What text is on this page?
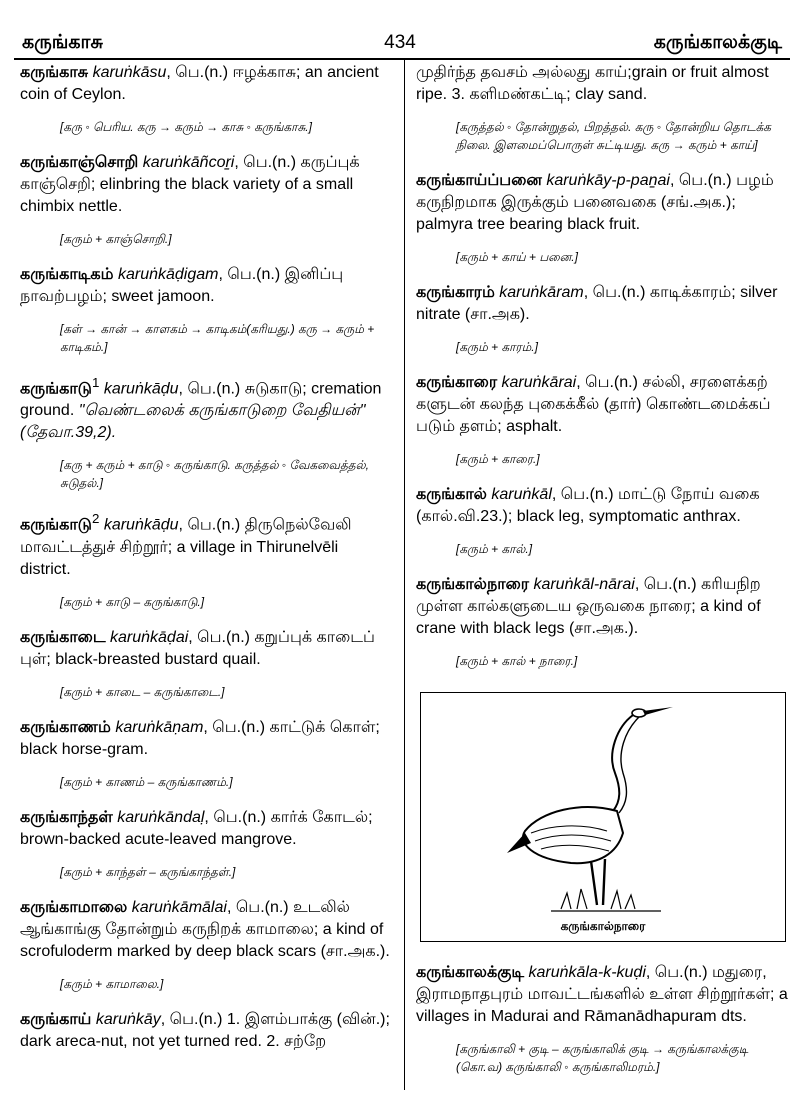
கருங்காசு	434	கருங்காலக்குடி
கருங்காசு karuṅkāsu, பெ.(n.) ஈழக்காசு; an ancient coin of Ceylon.
[கரு ◦ பெரிய. கரு → கரும் → காசு ◦ கருங்காசு.]
கருங்காஞ்சொறி karuṅkāñcoṟi, பெ.(n.) கருப்புக் காஞ்செறி; elinbring the black variety of a small chimbix nettle.
[கரும் + காஞ்சொறி.]
கருங்காடிகம் karuṅkāḍigam, பெ.(n.) இனிப்பு நாவற்பழம்; sweet jamoon.
[கள் → கான் → காளகம் → காடிகம்(கரியது.) கரு → கரும் + காடிகம்.]
கருங்காடு$^1$ karuṅkāḍu, பெ.(n.) சுடுகாடு; cremation ground. "வெண்டலைக் கருங்காடுறை வேதியன்" (தேவா.39,2).
[கரு + கரும் + காடு ◦ கருங்காடு. கருத்தல் ◦ வேகவைத்தல், சுடுதல்.]
கருங்காடு$^2$ karuṅkāḍu, பெ.(n.) திருநெல்வேலி மாவட்டத்துச் சிற்றூர்; a village in Thirunelvēli district.
[கரும் + காடு – கருங்காடு.]
கருங்காடை karuṅkāḍai, பெ.(n.) கறுப்புக் காடைப் புள்; black-breasted bustard quail.
[கரும் + காடை – கருங்காடை.]
கருங்காணம் karuṅkāṇam, பெ.(n.) காட்டுக் கொள்; black horse-gram.
[கரும் + காணம் – கருங்காணம்.]
கருங்காந்தள் karuṅkāndaḷ, பெ.(n.) கார்க் கோடல்; brown-backed acute-leaved mangrove.
[கரும் + காந்தள் – கருங்காந்தள்.]
கருங்காமாலை karuṅkāmālai, பெ.(n.) உடலில் ஆங்காங்கு தோன்றும் கருநிறக் காமாலை; a kind of scrofuloderm marked by deep black scars (சா.அக.).
[கரும் + காமாலை.]
கருங்காய் karuṅkāy, பெ.(n.) 1. இளம்பாக்கு (வின்.); dark areca-nut, not yet turned red. 2. சற்றே
முதிர்ந்த தவசம் அல்லது காய்;grain or fruit almost ripe. 3. களிமண்கட்டி; clay sand.
[கருத்தல் ◦ தோன்றுதல், பிறத்தல். கரு ◦ தோன்றிய தொடக்க நிலை. இளமைப்பொருள் சுட்டியது. கரு → கரும் + காய்]
கருங்காய்ப்பனை karuṅkāy-p-paṉai, பெ.(n.) பழம் கருநிறமாக இருக்கும் பனைவகை (சங்.அக.); palmyra tree bearing black fruit.
[கரும் + காய் + பனை.]
கருங்காரம் karuṅkāram, பெ.(n.) காடிக்காரம்; silver nitrate (சா.அக).
[கரும் + காரம்.]
கருங்காரை karuṅkārai, பெ.(n.) சல்லி, சரளைக்கற் களுடன் கலந்த புகைக்கீல் (தார்) கொண்டமைக்கப் படும் தளம்; asphalt.
[கரும் + காரை.]
கருங்கால் karuṅkāl, பெ.(n.) மாட்டு நோய் வகை (கால்.வி.23.); black leg, symptomatic anthrax.
[கரும் + கால்.]
கருங்கால்நாரை karuṅkāl-nārai, பெ.(n.) கரியநிற முள்ள கால்களுடைய ஒருவகை நாரை; a kind of crane with black legs (சா.அக.).
[கரும் + கால் + நாரை.]
கருங்கால்நாரை
கருங்காலக்குடி karuṅkāla-k-kuḍi, பெ.(n.) மதுரை, இராமநாதபுரம் மாவட்டங்களில் உள்ள சிற்றூர்கள்; a villages in Madurai and Rāmanādhapuram dts.
[கருங்காலி + குடி – கருங்காலிக் குடி → கருங்காலக்குடி (கொ.வ) கருங்காலி ◦ கருங்காலிமரம்.]
